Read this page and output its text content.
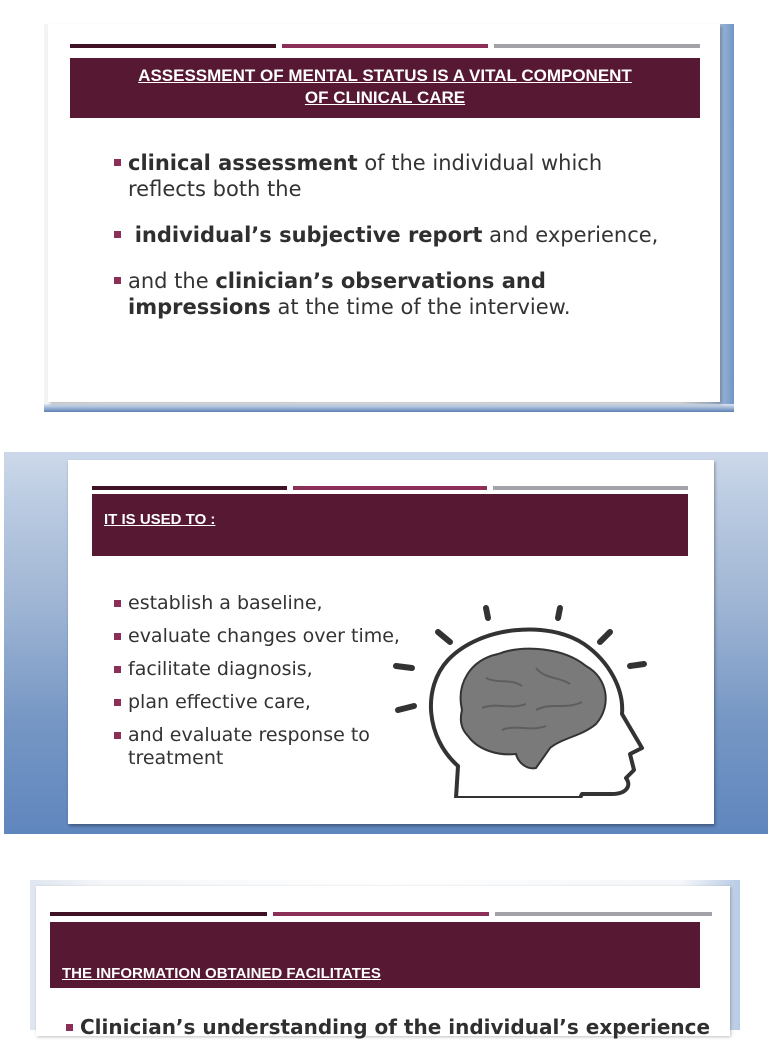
ASSESSMENT OF MENTAL STATUS IS A VITAL COMPONENT
OF CLINICAL CARE
clinical assessment of the individual which reflects both the
individual’s subjective report and experience,
and the clinician’s observations and impressions at the time of the interview.
IT IS USED TO :
establish a baseline,
evaluate changes over time,
facilitate diagnosis,
plan effective care,
and evaluate response to treatment
THE INFORMATION OBTAINED FACILITATES
Clinician’s understanding of the individual’s experience
